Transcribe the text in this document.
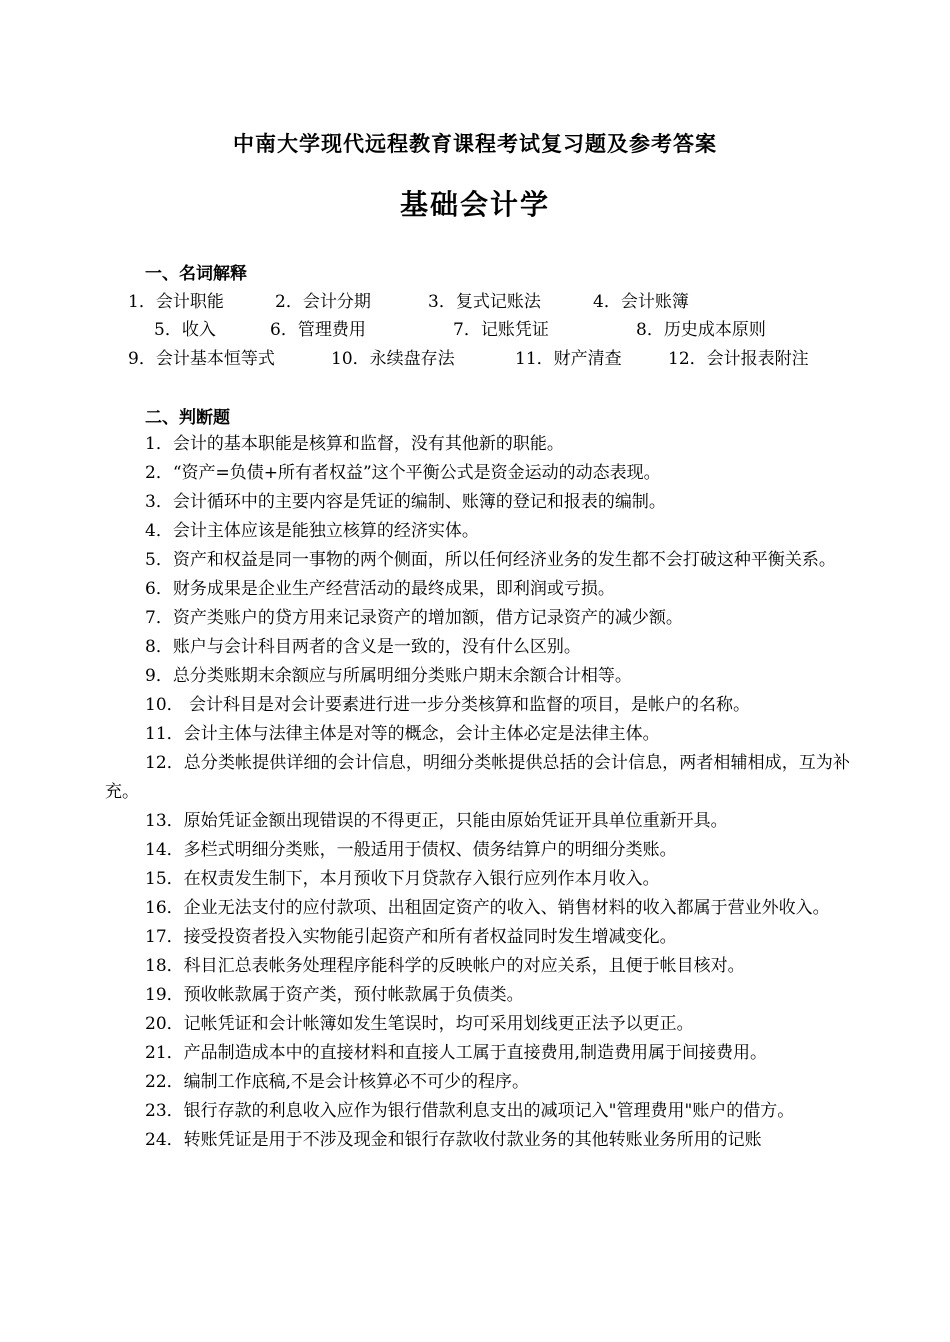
中南大学现代远程教育课程考试复习题及参考答案
基础会计学
一、名词解释
1．会计职能	2．会计分期	3．复式记账法	4．会计账簿
5．收入	6．管理费用	7．记账凭证	8．历史成本原则
9．会计基本恒等式	10．永续盘存法	11．财产清查	12．会计报表附注
二、判断题

1．会计的基本职能是核算和监督，没有其他新的职能。

2．“资产=负债+所有者权益”这个平衡公式是资金运动的动态表现。

3．会计循环中的主要内容是凭证的编制、账簿的登记和报表的编制。

4．会计主体应该是能独立核算的经济实体。

5．资产和权益是同一事物的两个侧面，所以任何经济业务的发生都不会打破这种平衡关系。

6．财务成果是企业生产经营活动的最终成果，即利润或亏损。

7．资产类账户的贷方用来记录资产的增加额，借方记录资产的减少额。

8．账户与会计科目两者的含义是一致的，没有什么区别。

9．总分类账期末余额应与所属明细分类账户期末余额合计相等。

10． 会计科目是对会计要素进行进一步分类核算和监督的项目，是帐户的名称。

11．会计主体与法律主体是对等的概念，会计主体必定是法律主体。

12．总分类帐提供详细的会计信息，明细分类帐提供总括的会计信息，两者相辅相成，互为补充。

13．原始凭证金额出现错误的不得更正，只能由原始凭证开具单位重新开具。

14．多栏式明细分类账，一般适用于债权、债务结算户的明细分类账。

15．在权责发生制下，本月预收下月贷款存入银行应列作本月收入。

16．企业无法支付的应付款项、出租固定资产的收入、销售材料的收入都属于营业外收入。

17．接受投资者投入实物能引起资产和所有者权益同时发生增减变化。

18．科目汇总表帐务处理程序能科学的反映帐户的对应关系，且便于帐目核对。

19．预收帐款属于资产类，预付帐款属于负债类。

20．记帐凭证和会计帐簿如发生笔误时，均可采用划线更正法予以更正。

21．产品制造成本中的直接材料和直接人工属于直接费用,制造费用属于间接费用。

22．编制工作底稿,不是会计核算必不可少的程序。

23．银行存款的利息收入应作为银行借款利息支出的减项记入"管理费用"账户的借方。

24．转账凭证是用于不涉及现金和银行存款收付款业务的其他转账业务所用的记账
